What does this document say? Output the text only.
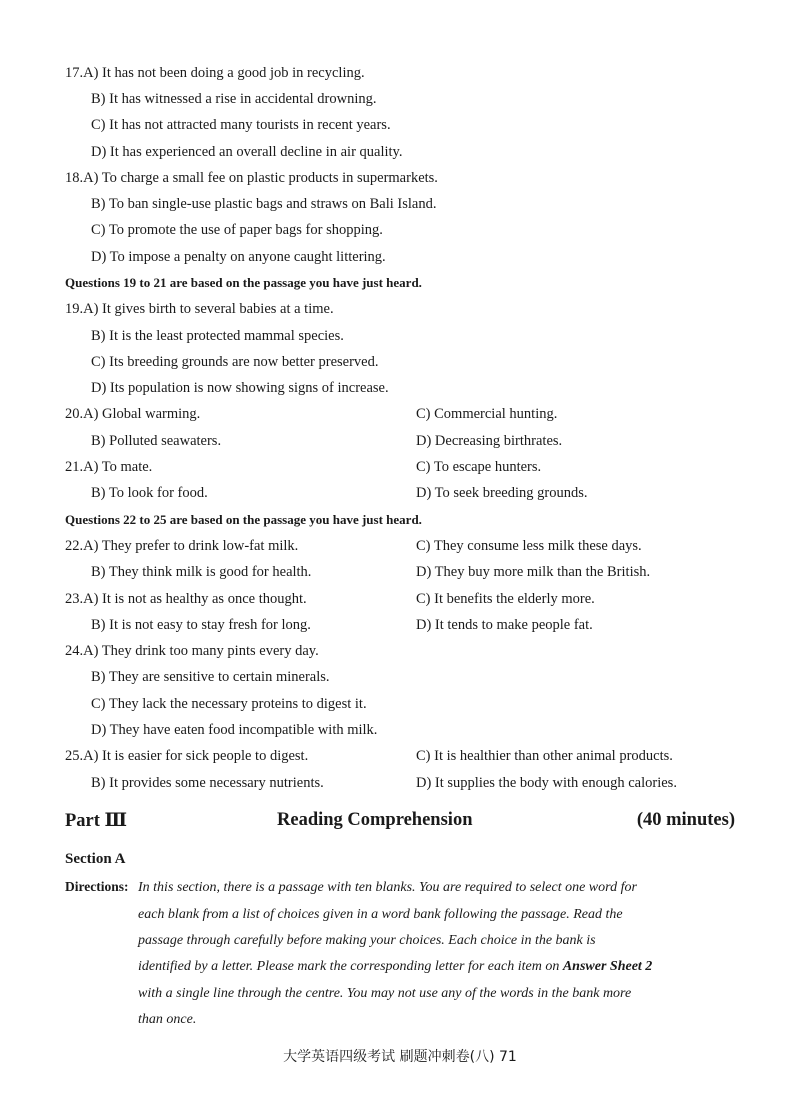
17.A) It has not been doing a good job in recycling.
B) It has witnessed a rise in accidental drowning.
C) It has not attracted many tourists in recent years.
D) It has experienced an overall decline in air quality.
18.A) To charge a small fee on plastic products in supermarkets.
B) To ban single-use plastic bags and straws on Bali Island.
C) To promote the use of paper bags for shopping.
D) To impose a penalty on anyone caught littering.
Questions 19 to 21 are based on the passage you have just heard.
19.A) It gives birth to several babies at a time.
B) It is the least protected mammal species.
C) Its breeding grounds are now better preserved.
D) Its population is now showing signs of increase.
20.A) Global warming.	C) Commercial hunting.
B) Polluted seawaters.	D) Decreasing birthrates.
21.A) To mate.	C) To escape hunters.
B) To look for food.	D) To seek breeding grounds.
Questions 22 to 25 are based on the passage you have just heard.
22.A) They prefer to drink low-fat milk.	C) They consume less milk these days.
B) They think milk is good for health.	D) They buy more milk than the British.
23.A) It is not as healthy as once thought.	C) It benefits the elderly more.
B) It is not easy to stay fresh for long.	D) It tends to make people fat.
24.A) They drink too many pints every day.
B) They are sensitive to certain minerals.
C) They lack the necessary proteins to digest it.
D) They have eaten food incompatible with milk.
25.A) It is easier for sick people to digest.	C) It is healthier than other animal products.
B) It provides some necessary nutrients.	D) It supplies the body with enough calories.
Part Ⅲ	Reading Comprehension	(40 minutes)
Section A
Directions: In this section, there is a passage with ten blanks. You are required to select one word for
each blank from a list of choices given in a word bank following the passage. Read the
passage through carefully before making your choices. Each choice in the bank is
identified by a letter. Please mark the corresponding letter for each item on Answer Sheet 2
with a single line through the centre. You may not use any of the words in the bank more
than once.
大学英语四级考试 刷题冲刺卷(八) 71
